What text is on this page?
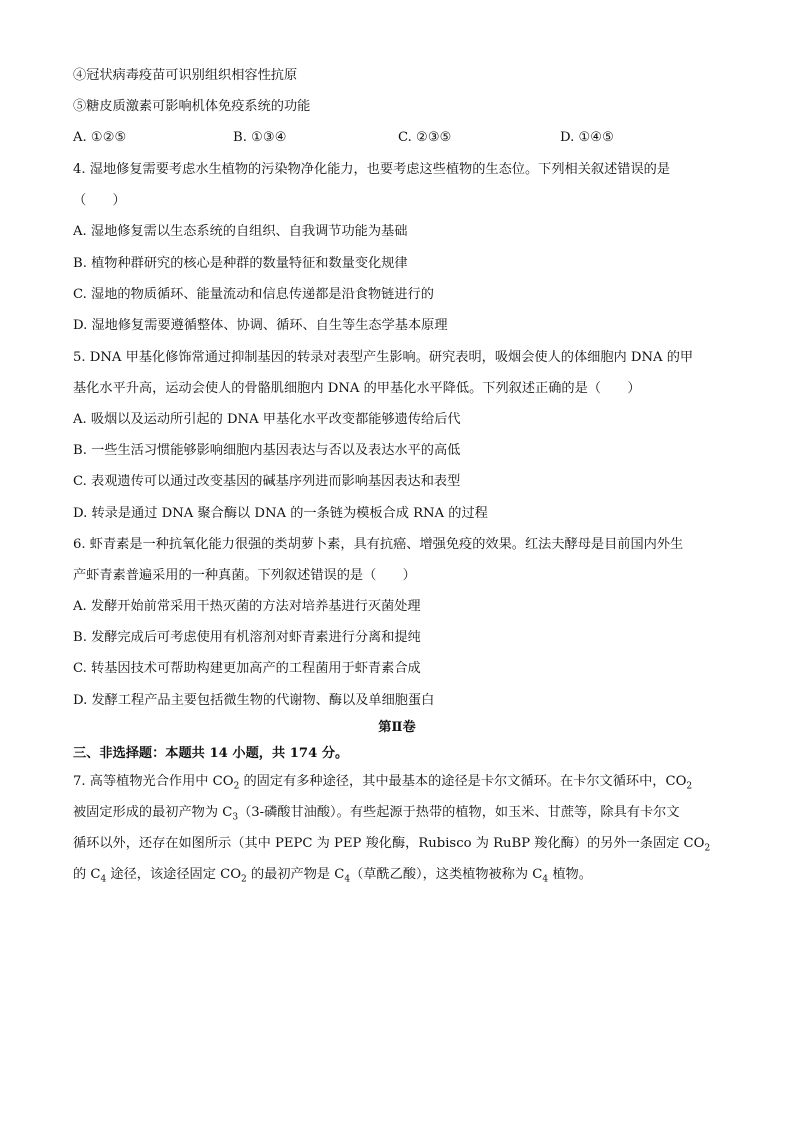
④冠状病毒疫苗可识别组织相容性抗原
⑤糖皮质激素可影响机体免疫系统的功能
A. ①②⑤	B. ①③④	C. ②③⑤	D. ①④⑤
4. 湿地修复需要考虑水生植物的污染物净化能力，也要考虑这些植物的生态位。下列相关叙述错误的是
（　　）
A. 湿地修复需以生态系统的自组织、自我调节功能为基础
B. 植物种群研究的核心是种群的数量特征和数量变化规律
C. 湿地的物质循环、能量流动和信息传递都是沿食物链进行的
D. 湿地修复需要遵循整体、协调、循环、自生等生态学基本原理
5. DNA 甲基化修饰常通过抑制基因的转录对表型产生影响。研究表明，吸烟会使人的体细胞内 DNA 的甲
基化水平升高，运动会使人的骨骼肌细胞内 DNA 的甲基化水平降低。下列叙述正确的是（　　）
A. 吸烟以及运动所引起的 DNA 甲基化水平改变都能够遗传给后代
B. 一些生活习惯能够影响细胞内基因表达与否以及表达水平的高低
C. 表观遗传可以通过改变基因的碱基序列进而影响基因表达和表型
D. 转录是通过 DNA 聚合酶以 DNA 的一条链为模板合成 RNA 的过程
6. 虾青素是一种抗氧化能力很强的类胡萝卜素，具有抗癌、增强免疫的效果。红法夫酵母是目前国内外生
产虾青素普遍采用的一种真菌。下列叙述错误的是（　　）
A. 发酵开始前常采用干热灭菌的方法对培养基进行灭菌处理
B. 发酵完成后可考虑使用有机溶剂对虾青素进行分离和提纯
C. 转基因技术可帮助构建更加高产的工程菌用于虾青素合成
D. 发酵工程产品主要包括微生物的代谢物、酶以及单细胞蛋白
第Ⅱ卷
三、非选择题：本题共 14 小题，共 174 分。
7. 高等植物光合作用中 $CO_2$ 的固定有多种途径，其中最基本的途径是卡尔文循环。在卡尔文循环中，$CO_2$
被固定形成的最初产物为 $C_3(3-$磷酸甘油酸）。有些起源于热带的植物，如玉米、甘蔗等，除具有卡尔文
循环以外，还存在如图所示（其中 PEPC 为 PEP 羧化酶，Rubisco 为 RuBP 羧化酶）的另外一条固定 $CO_2$
的 $C_4$ 途径，该途径固定 $CO_2$ 的最初产物是 $C_4$（草酰乙酸），这类植物被称为 $C_4$ 植物。
